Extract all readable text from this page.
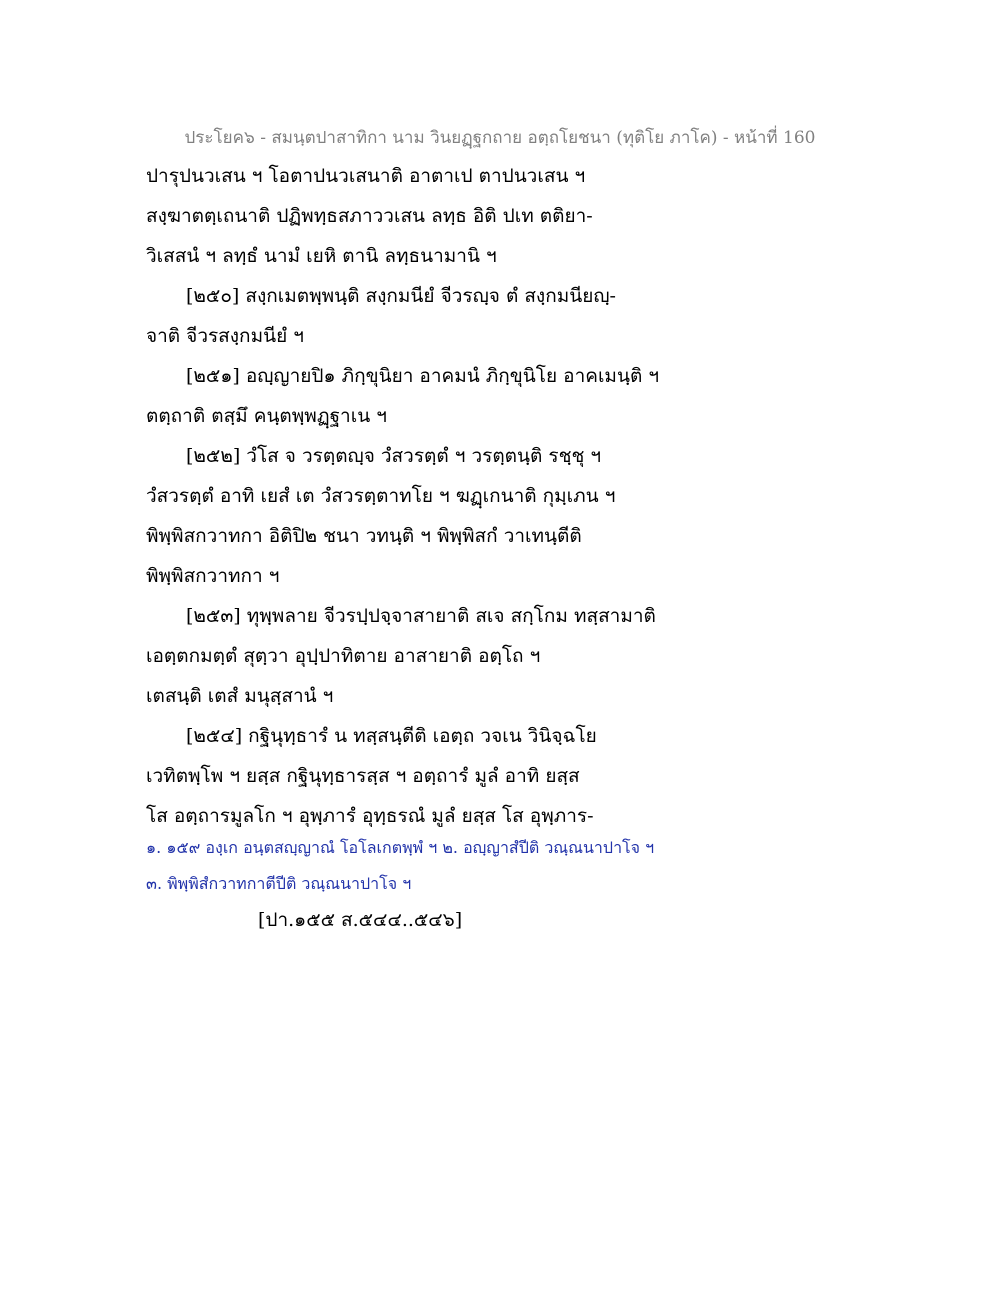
ประโยค๖ - สมนฺตปาสาทิกา นาม วินยฏฺฐกถาย อตฺถโยชนา (ทุติโย ภาโค) - หน้าที่ 160
ปารุปนวเสน ฯ โอตาปนวเสนาติ อาตาเป ตาปนวเสน ฯ
สงฺฆาตตฺเถนาติ ปฏิพทฺธสภาววเสน ลทฺธ อิติ ปเท ตติยา-
วิเสสนํ ฯ ลทฺธํ นามํ เยหิ ตานิ ลทฺธนามานิ ฯ
[๒๕๐] สงฺกเมตพฺพนฺติ สงฺกมนียํ จีวรญฺจ ตํ สงฺกมนียญฺ-
จาติ จีวรสงฺกมนียํ ฯ
[๒๕๑] อญฺญายปิ๑ ภิกฺขุนิยา อาคมนํ ภิกฺขุนิโย อาคเมนฺติ ฯ
ตตฺถาติ ตสฺมึ คนฺตพฺพฏฺฐาเน ฯ
[๒๕๒] วํโส จ วรตฺตญฺจ วํสวรตฺตํ ฯ วรตฺตนฺติ รชฺชุ ฯ
วํสวรตฺตํ อาทิ เยสํ เต วํสวรตฺตาทโย ฯ ฆฏฺเกนาติ กุมฺเภน ฯ
พิพฺพิสกวาทกา อิติปิ๒ ชนา วทนฺติ ฯ พิพฺพิสกํ วาเทนฺตีติ
พิพฺพิสกวาทกา ฯ
[๒๕๓] ทุพฺพลาย จีวรปฺปจฺจาสายาติ สเจ สกฺโกม ทสฺสามาติ
เอตฺตกมตฺตํ สุตฺวา อุปฺปาทิตาย อาสายาติ อตฺโถ ฯ
เตสนฺติ เตสํ มนุสฺสานํ ฯ
[๒๕๔] กฐินุทฺธารํ น ทสฺสนฺตีติ เอตฺถ วจเน วินิจฺฉโย
เวทิตพฺโพ ฯ ยสฺส กฐินุทฺธารสฺส ฯ อตฺถารํ มูลํ อาทิ ยสฺส
โส อตฺถารมูลโก ฯ อุพฺภารํ อุทฺธรณํ มูลํ ยสฺส โส อุพฺภาร-
๑. ๑๕๙ องฺเก อนฺตสญฺญาณํ โอโลเกตพฺพํ ฯ ๒. อญฺญาสํปีติ วณฺณนาปาโจ ฯ
๓. พิพฺพิสํกวาทกาตีปีติ วณฺณนาปาโจ ฯ
[ปา.๑๕๕ ส.๕๔๔..๕๔๖]
